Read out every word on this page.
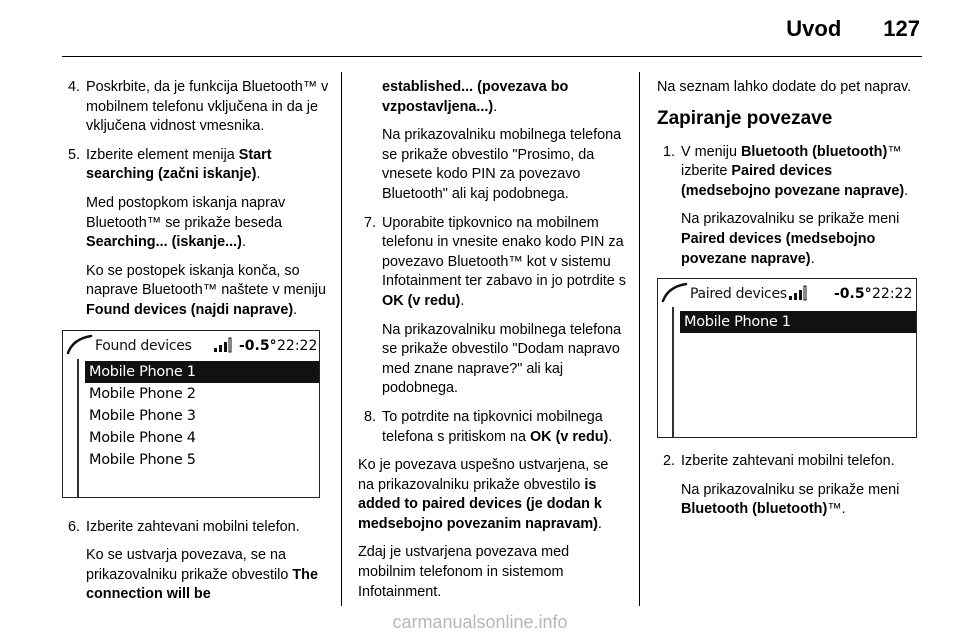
Uvod 127

4. Poskrbite, da je funkcija Bluetooth™ v mobilnem telefonu vključena in da je vključena vidnost vmesnika.

5. Izberite element menija Start searching (začni iskanje).

Med postopkom iskanja naprav Bluetooth™ se prikaže beseda Searching... (iskanje...).

Ko se postopek iskanja konča, so naprave Bluetooth™ naštete v meniju Found devices (najdi naprave).

Found devices	-0.5° 22:22
Mobile Phone 1
Mobile Phone 2
Mobile Phone 3
Mobile Phone 4
Mobile Phone 5

6. Izberite zahtevani mobilni telefon.

Ko se ustvarja povezava, se na prikazovalniku prikaže obvestilo The connection will be

established... (povezava bo vzpostavljena...).

Na prikazovalniku mobilnega telefona se prikaže obvestilo "Prosimo, da vnesete kodo PIN za povezavo Bluetooth" ali kaj podobnega.

7. Uporabite tipkovnico na mobilnem telefonu in vnesite enako kodo PIN za povezavo Bluetooth™ kot v sistemu Infotainment ter zabavo in jo potrdite s OK (v redu).

Na prikazovalniku mobilnega telefona se prikaže obvestilo "Dodam napravo med znane naprave?" ali kaj podobnega.

8. To potrdite na tipkovnici mobilnega telefona s pritiskom na OK (v redu).

Ko je povezava uspešno ustvarjena, se na prikazovalniku prikaže obvestilo is added to paired devices (je dodan k medsebojno povezanim napravam).

Zdaj je ustvarjena povezava med mobilnim telefonom in sistemom Infotainment.

Na seznam lahko dodate do pet naprav.

Zapiranje povezave

1. V meniju Bluetooth (bluetooth)™ izberite Paired devices (medsebojno povezane naprave).

Na prikazovalniku se prikaže meni Paired devices (medsebojno povezane naprave).

Paired devices	-0.5° 22:22
Mobile Phone 1

2. Izberite zahtevani mobilni telefon.

Na prikazovalniku se prikaže meni Bluetooth (bluetooth)™.

carmanualsonline.info
